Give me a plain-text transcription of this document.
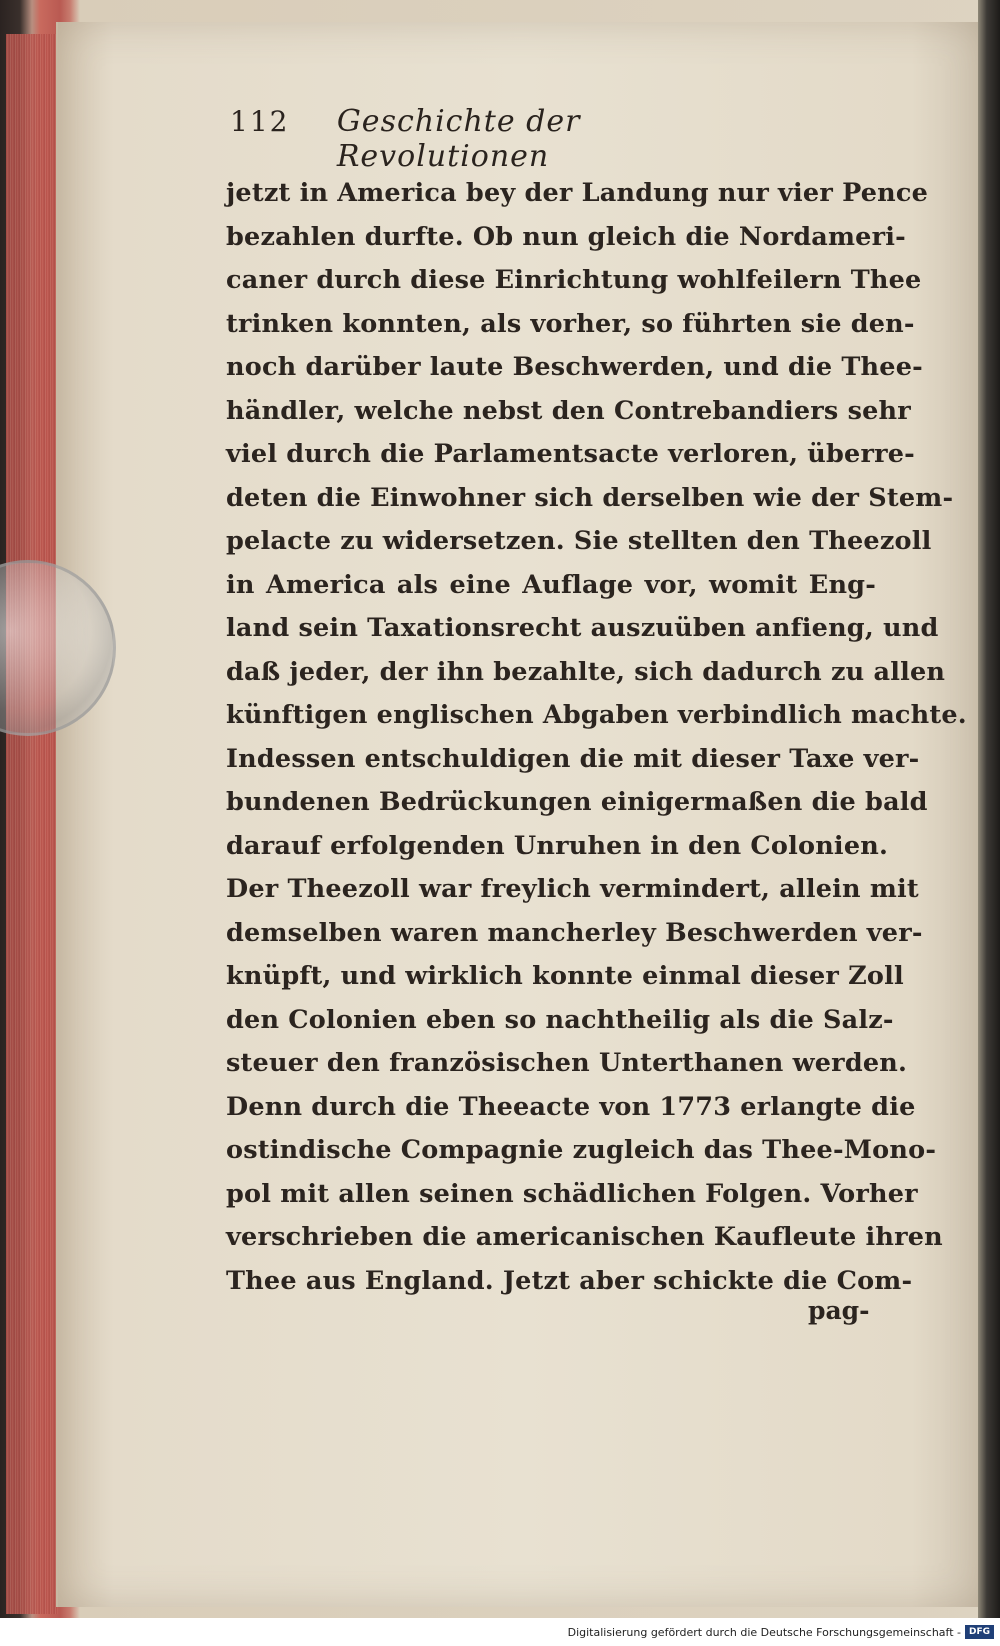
112	Geschichte der Revolutionen
jetzt in America bey der Landung nur vier Pence
bezahlen durfte. Ob nun gleich die Nordameri-
caner durch diese Einrichtung wohlfeilern Thee
trinken konnten, als vorher, so führten sie den-
noch darüber laute Beschwerden, und die Thee-
händler, welche nebst den Contrebandiers sehr
viel durch die Parlamentsacte verloren, überre-
deten die Einwohner sich derselben wie der Stem-
pelacte zu widersetzen. Sie stellten den Theezoll
in America als eine Auflage vor, womit Eng-
land sein Taxationsrecht auszuüben anfieng, und
daß jeder, der ihn bezahlte, sich dadurch zu allen
künftigen englischen Abgaben verbindlich machte.
Indessen entschuldigen die mit dieser Taxe ver-
bundenen Bedrückungen einigermaßen die bald
darauf erfolgenden Unruhen in den Colonien.
Der Theezoll war freylich vermindert, allein mit
demselben waren mancherley Beschwerden ver-
knüpft, und wirklich konnte einmal dieser Zoll
den Colonien eben so nachtheilig als die Salz-
steuer den französischen Unterthanen werden.
Denn durch die Theeacte von 1773 erlangte die
ostindische Compagnie zugleich das Thee-Mono-
pol mit allen seinen schädlichen Folgen. Vorher
verschrieben die americanischen Kaufleute ihren
Thee aus England. Jetzt aber schickte die Com-
pag-
Digitalisierung gefördert durch die Deutsche Forschungsgemeinschaft - DFG
